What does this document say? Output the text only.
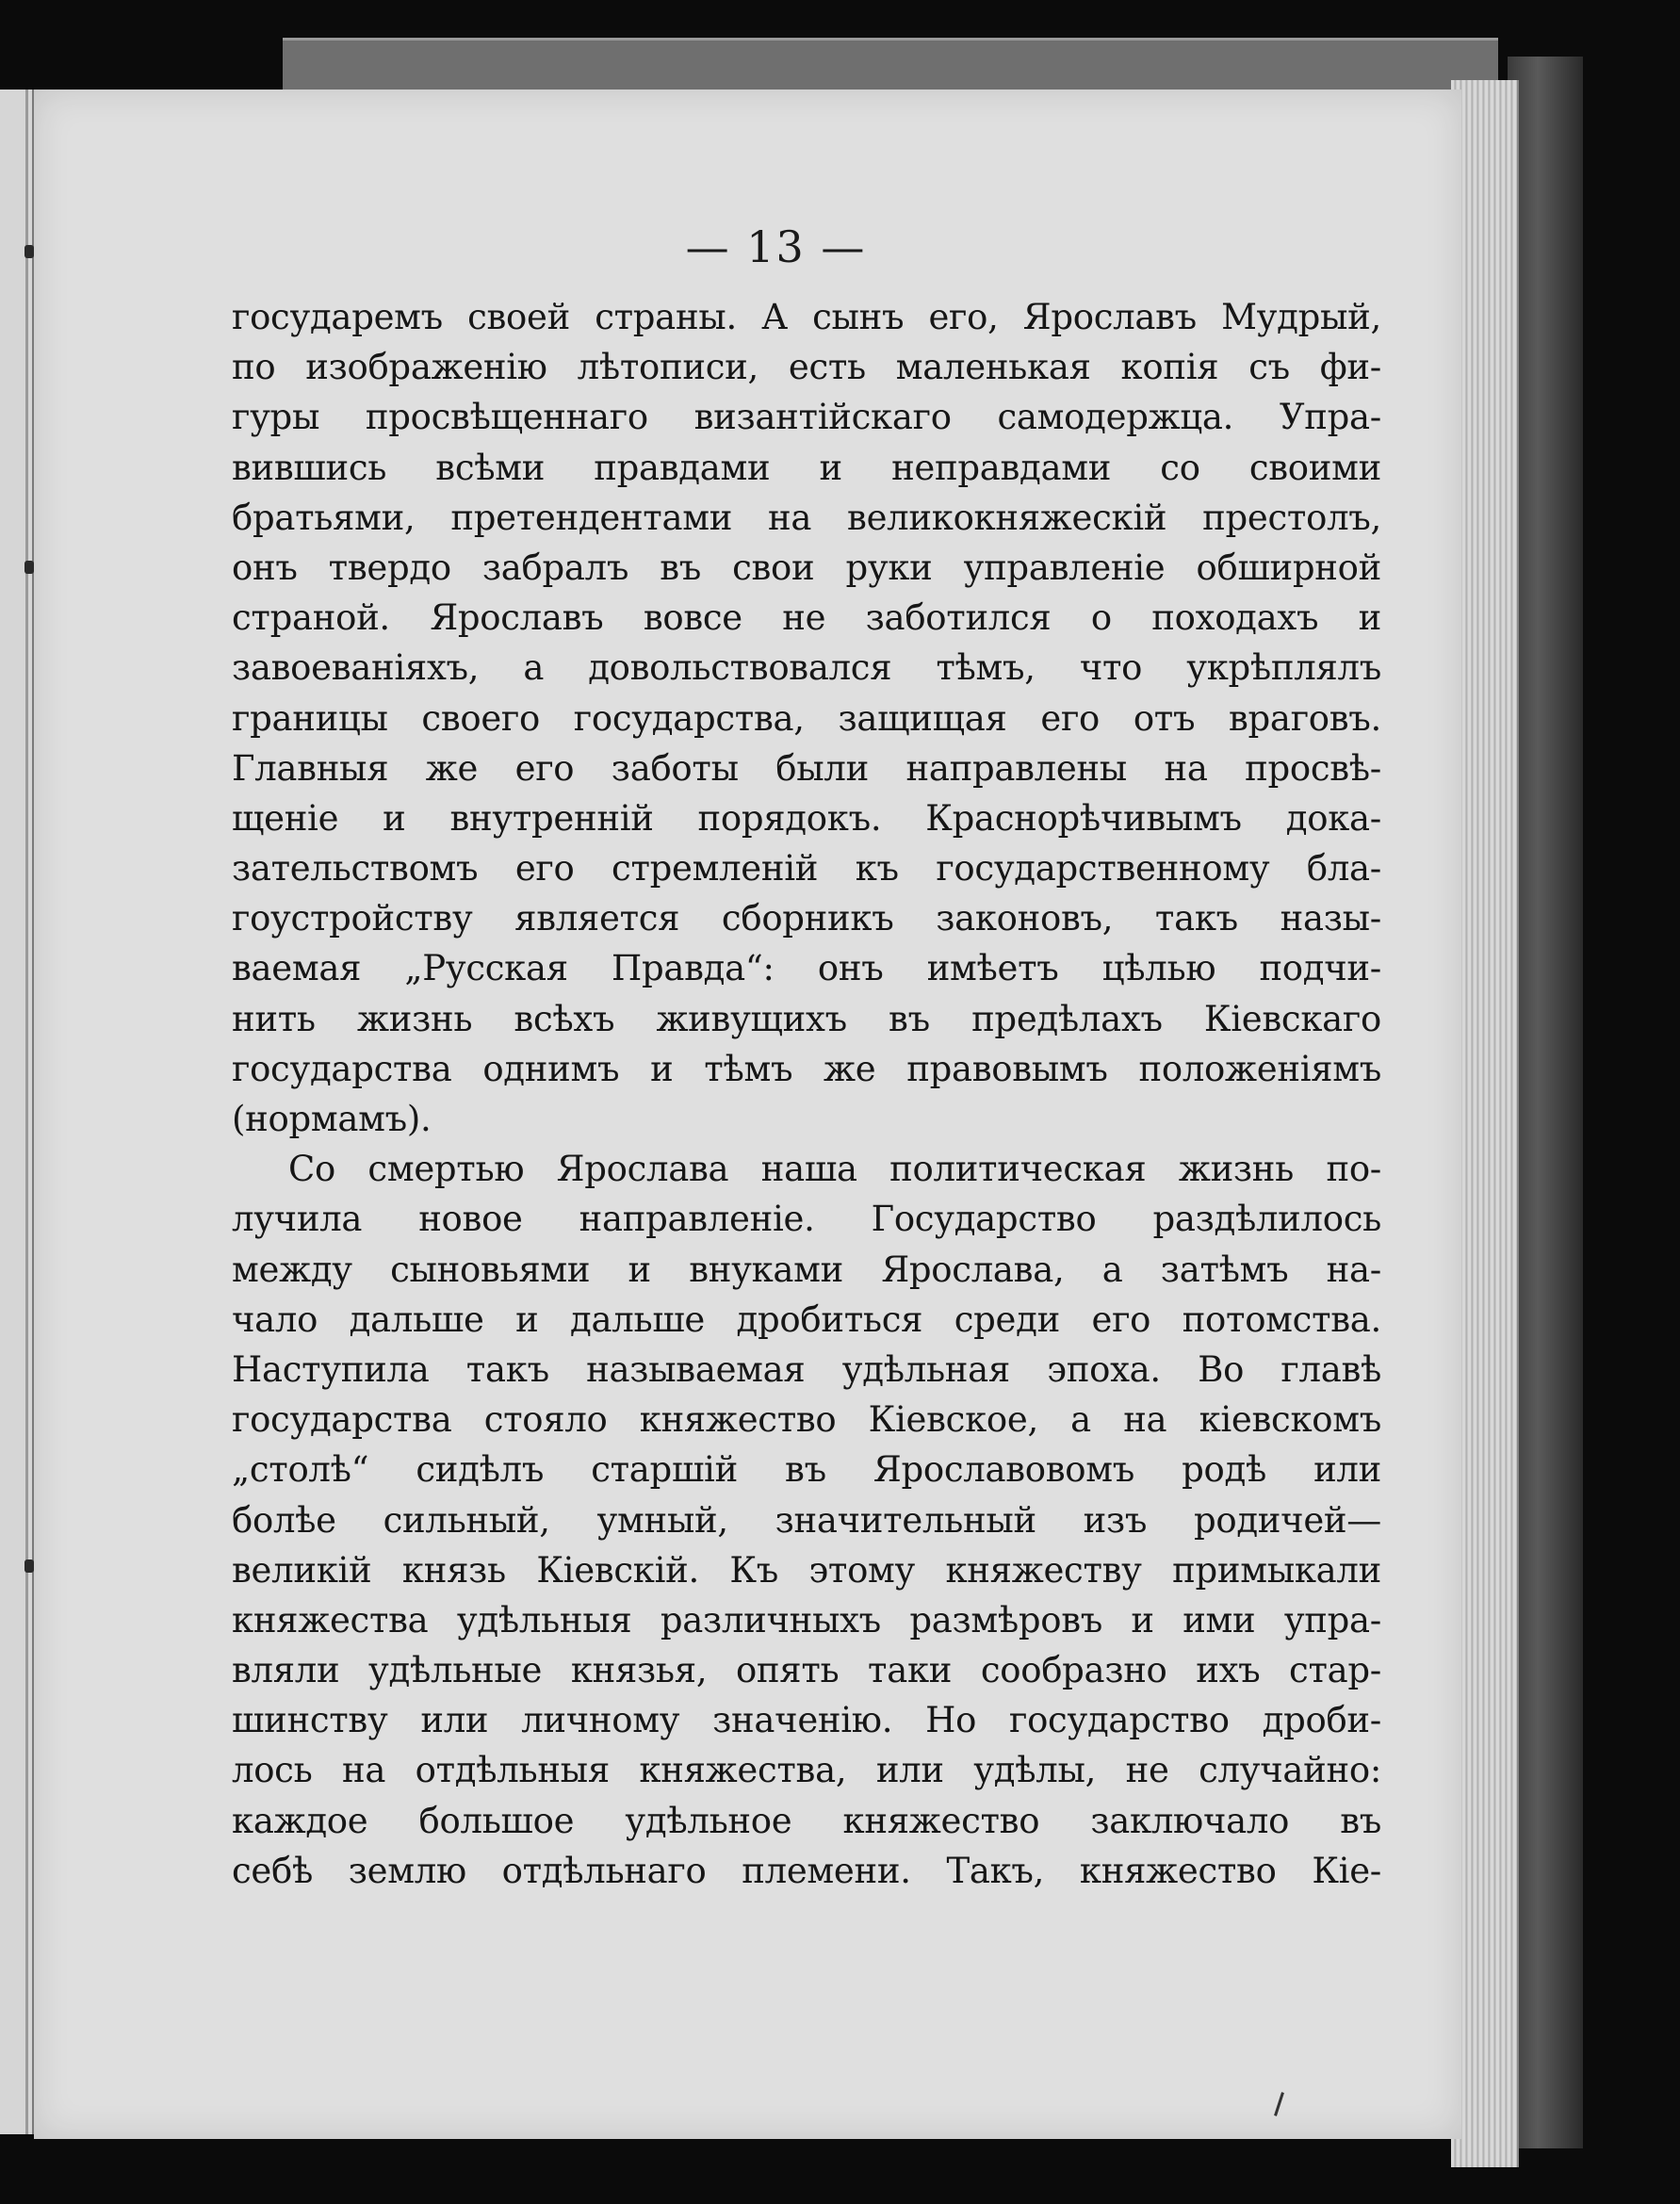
— 13 —
государемъ своей страны. А сынъ его, Ярославъ Мудрый,
по изображенію лѣтописи, есть маленькая копія съ фи-
гуры просвѣщеннаго византійскаго самодержца. Упра-
вившись всѣми правдами и неправдами со своими
братьями, претендентами на великокняжескій престолъ,
онъ твердо забралъ въ свои руки управленіе обширной
страной. Ярославъ вовсе не заботился о походахъ и
завоеваніяхъ, а довольствовался тѣмъ, что укрѣплялъ
границы своего государства, защищая его отъ враговъ.
Главныя же его заботы были направлены на просвѣ-
щеніе и внутренній порядокъ. Краснорѣчивымъ дока-
зательствомъ его стремленій къ государственному бла-
гоустройству является сборникъ законовъ, такъ назы-
ваемая „Русская Правда“: онъ имѣетъ цѣлью подчи-
нить жизнь всѣхъ живущихъ въ предѣлахъ Кіевскаго
государства однимъ и тѣмъ же правовымъ положеніямъ
(нормамъ).
Со смертью Ярослава наша политическая жизнь по-
лучила новое направленіе. Государство раздѣлилось
между сыновьями и внуками Ярослава, а затѣмъ на-
чало дальше и дальше дробиться среди его потомства.
Наступила такъ называемая удѣльная эпоха. Во главѣ
государства стояло княжество Кіевское, а на кіевскомъ
„столѣ“ сидѣлъ старшій въ Ярославовомъ родѣ или
болѣе сильный, умный, значительный изъ родичей—
великій князь Кіевскій. Къ этому княжеству примыкали
княжества удѣльныя различныхъ размѣровъ и ими упра-
вляли удѣльные князья, опять таки сообразно ихъ стар-
шинству или личному значенію. Но государство дроби-
лось на отдѣльныя княжества, или удѣлы, не случайно:
каждое большое удѣльное княжество заключало въ
себѣ землю отдѣльнаго племени. Такъ, княжество Кіе-
